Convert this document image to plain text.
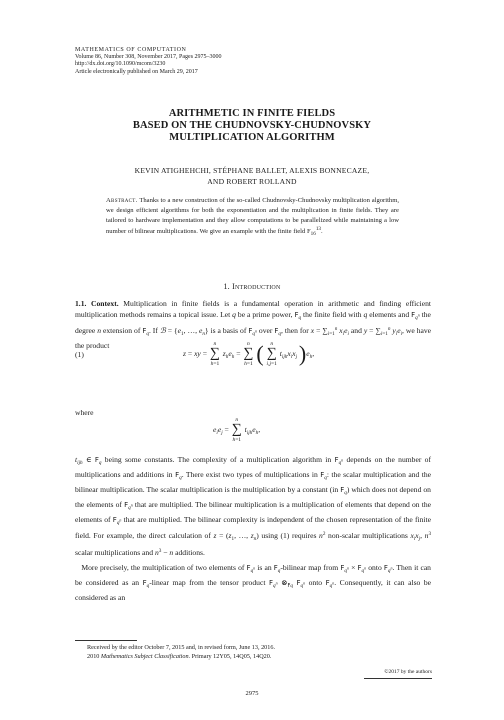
MATHEMATICS OF COMPUTATION
Volume 86, Number 308, November 2017, Pages 2975–3000
http://dx.doi.org/10.1090/mcom/3230
Article electronically published on March 29, 2017
ARITHMETIC IN FINITE FIELDS
BASED ON THE CHUDNOVSKY-CHUDNOVSKY
MULTIPLICATION ALGORITHM
KEVIN ATIGHEHCHI, STÉPHANE BALLET, ALEXIS BONNECAZE,
AND ROBERT ROLLAND
Abstract. Thanks to a new construction of the so-called Chudnovsky-Chudnovsky multiplication algorithm, we design efficient algorithms for both the exponentiation and the multiplication in finite fields. They are tailored to hardware implementation and they allow computations to be parallelized while maintaining a low number of bilinear multiplications. We give an example with the finite field $F_{16}^{13}$.
1. Introduction
1.1. Context. Multiplication in finite fields is a fundamental operation in arithmetic and finding efficient multiplication methods remains a topical issue. Let q be a prime power, $F_q$ the finite field with q elements and $F_{q^n}$ the degree n extension of $F_q$. If ℬ = {$e_1$, …, $e_n$} is a basis of $F_{q^n}$ over $F_q$, then for $x = \sum_{i=1}^n$ $x_ie_i$ and $y = \sum_{i=1}^n$ $y_ie_i$, we have the product
(1)	z = xy =
n
∑
h=1
$z_he_h$ =
n
∑
h=1 (	n
∑
i,j=1
$t_{ijh}x_ix_j$ )$e_h$,
where
$e_ie_j$ =
n
∑
h=1
$t_{ijh}e_h$,
$t_{ijh}$ ∈ $F_q$ being some constants. The complexity of a multiplication algorithm in $F_{q^n}$ depends on the number of multiplications and additions in $F_q$. There exist two types of multiplications in $F_q$: the scalar multiplication and the bilinear multiplication. The scalar multiplication is the multiplication by a constant (in $F_q$) which does not depend on the elements of $F_{q^n}$ that are multiplied. The bilinear multiplication is a multiplication of elements that depend on the elements of $F_{q^n}$ that are multiplied. The bilinear complexity is independent of the chosen representation of the finite field. For example, the direct calculation of $z = (z_1$, …, $z_n$) using (1) requires $n^2$ non-scalar multiplications $x_ix_j$, $n^3$ scalar multiplications and $n^3 - n$ additions.
More precisely, the multiplication of two elements of $F_{q^n}$ is an $F_q$-bilinear map from $F_{q^n} \times F_{q^n}$ onto $F_{q^n}$. Then it can be considered as an $F_q$-linear map from the tensor product $F_{q^n}$ $\otimes_{Fq}$ $F_{q^n}$ onto $F_{q^n}$. Consequently, it can also be considered as an
Received by the editor October 7, 2015 and, in revised form, June 13, 2016.
2010 Mathematics Subject Classification. Primary 12Y05, 14Q05, 14Q20.
©2017 by the authors
2975
